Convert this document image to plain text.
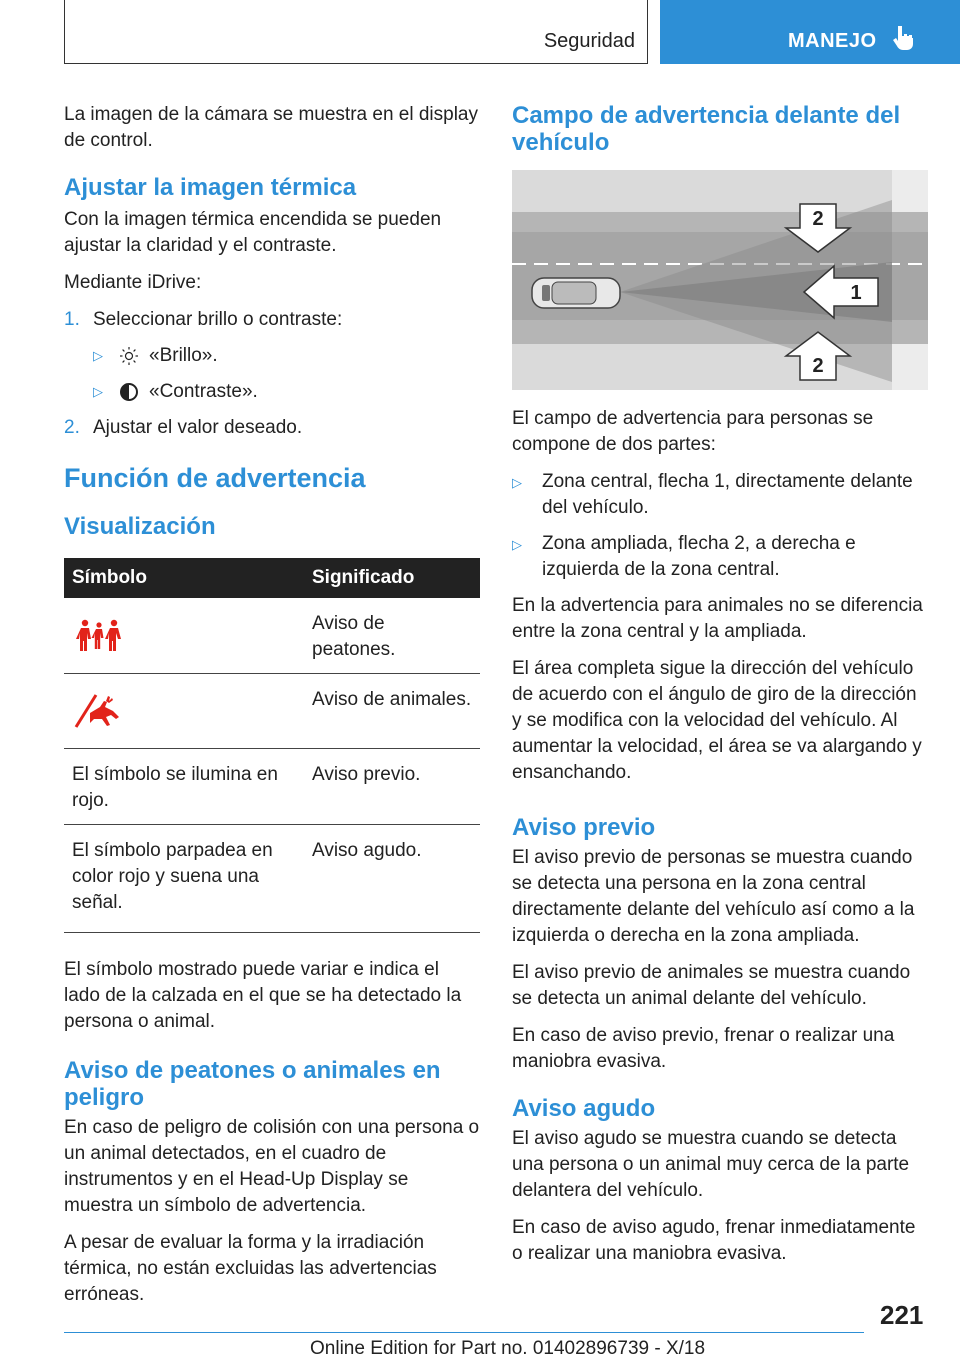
Seguridad	MANEJO

La imagen de la cámara se muestra en el display de control.

Ajustar la imagen térmica

Con la imagen térmica encendida se pueden ajustar la claridad y el contraste.

Mediante iDrive:

1. Seleccionar brillo o contraste:
▷	«Brillo».
▷	«Contraste».
2. Ajustar el valor deseado.
Función de advertencia
Visualización
Símbolo	Significado
	Aviso de peatones.
	Aviso de animales.
El símbolo se ilumina en rojo.	Aviso previo.
El símbolo parpadea en color rojo y suena una señal.	Aviso agudo.

El símbolo mostrado puede variar e indica el lado de la calzada en el que se ha detectado la persona o animal.

Aviso de peatones o animales en peligro

En caso de peligro de colisión con una persona o un animal detectados, en el cuadro de instrumentos y en el Head-Up Display se muestra un símbolo de advertencia.

A pesar de evaluar la forma y la irradiación térmica, no están excluidas las advertencias erróneas.

Campo de advertencia delante del vehículo
1
2
2

El campo de advertencia para personas se compone de dos partes:

▷	Zona central, flecha 1, directamente delante del vehículo.
▷	Zona ampliada, flecha 2, a derecha e izquierda de la zona central.

En la advertencia para animales no se diferencia entre la zona central y la ampliada.

El área completa sigue la dirección del vehículo de acuerdo con el ángulo de giro de la dirección y se modifica con la velocidad del vehículo. Al aumentar la velocidad, el área se va alargando y ensanchando.

Aviso previo

El aviso previo de personas se muestra cuando se detecta una persona en la zona central directamente delante del vehículo así como a la izquierda o derecha en la zona ampliada.

El aviso previo de animales se muestra cuando se detecta un animal delante del vehículo.

En caso de aviso previo, frenar o realizar una maniobra evasiva.

Aviso agudo

El aviso agudo se muestra cuando se detecta una persona o un animal muy cerca de la parte delantera del vehículo.

En caso de aviso agudo, frenar inmediatamente o realizar una maniobra evasiva.

221
Online Edition for Part no. 01402896739 - X/18
